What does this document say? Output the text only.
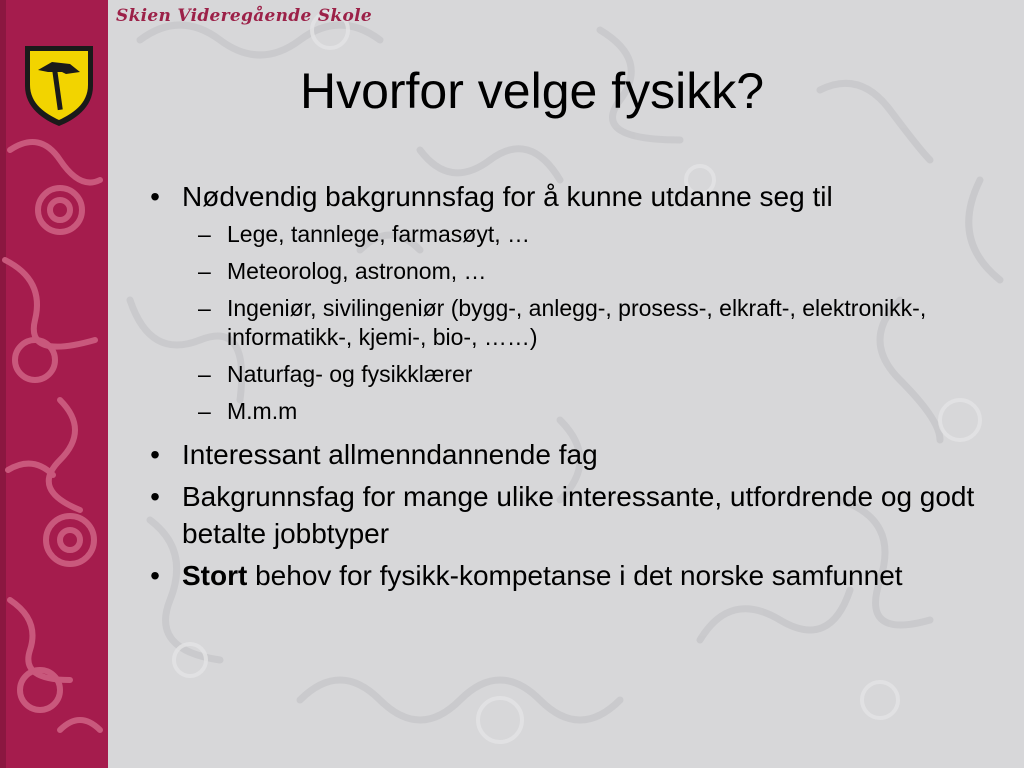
Skien Videregående Skole
Hvorfor velge fysikk?
• Nødvendig bakgrunnsfag for å kunne utdanne seg til
– Lege, tannlege, farmasøyt, …
– Meteorolog, astronom, …
– Ingeniør, sivilingeniør (bygg-, anlegg-, prosess-, elkraft-, elektronikk-, informatikk-, kjemi-, bio-, ……)
– Naturfag- og fysikklærer
– M.m.m
• Interessant allmenndannende fag
• Bakgrunnsfag for mange ulike interessante, utfordrende og godt betalte jobbtyper
• Stort behov for fysikk-kompetanse i det norske samfunnet
